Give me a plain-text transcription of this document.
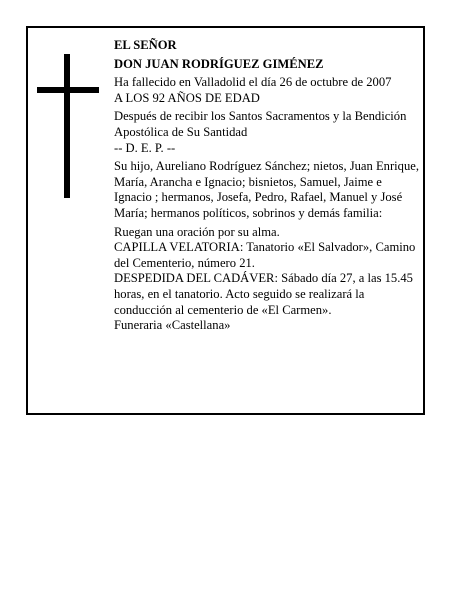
EL SEÑOR

DON JUAN RODRÍGUEZ GIMÉNEZ

Ha fallecido en Valladolid el día 26 de octubre de 2007

A LOS 92 AÑOS DE EDAD

Después de recibir los Santos Sacramentos y la Bendición Apostólica de Su Santidad

-- D. E. P. --

Su hijo, Aureliano Rodríguez Sánchez; nietos, Juan Enrique, María, Arancha e Ignacio; bisnietos, Samuel, Jaime e Ignacio ; hermanos, Josefa, Pedro, Rafael, Manuel y José María; hermanos políticos, sobrinos y demás familia:

Ruegan una oración por su alma.

CAPILLA VELATORIA: Tanatorio «El Salvador», Camino del Cementerio, número 21.

DESPEDIDA DEL CADÁVER: Sábado día 27, a las 15.45 horas, en el tanatorio. Acto seguido se realizará la conducción al cementerio de «El Carmen».

Funeraria «Castellana»
